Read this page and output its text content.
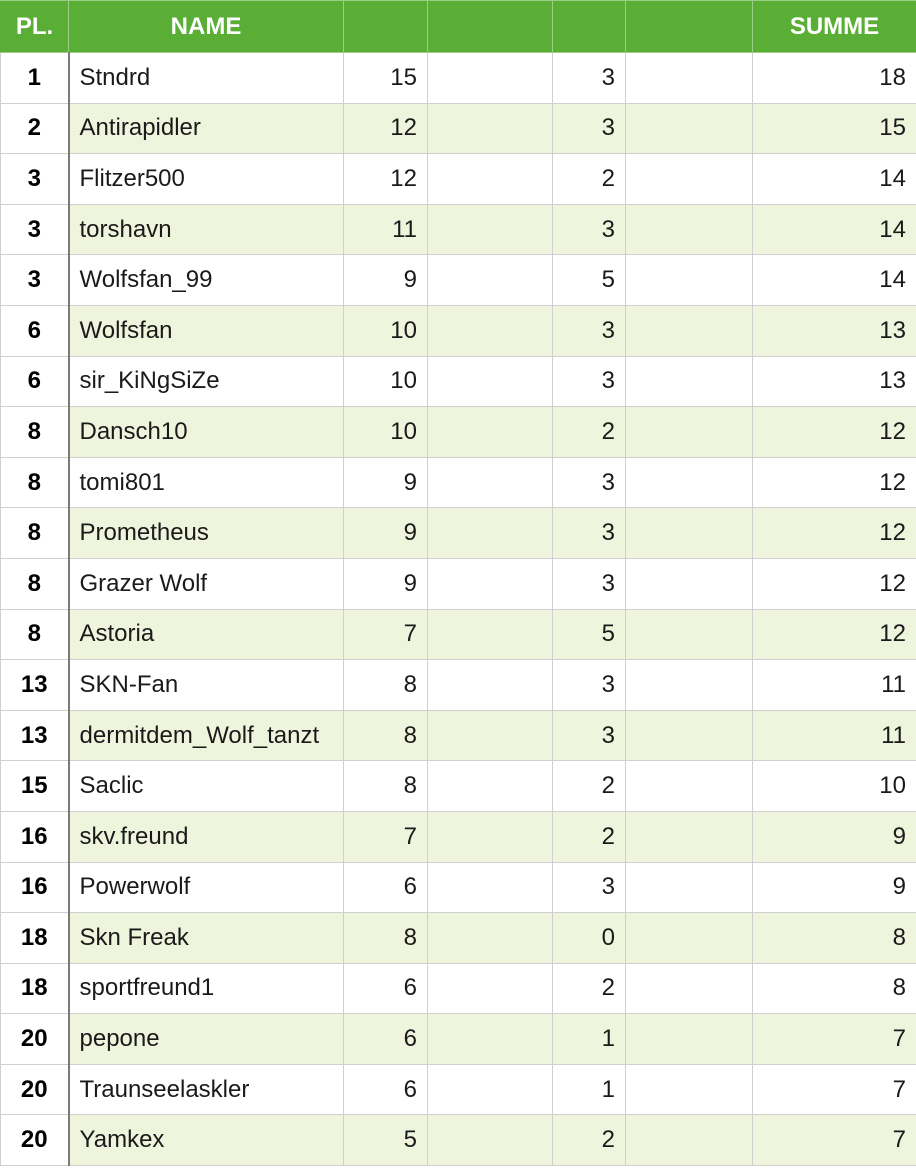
PL.	NAME					SUMME
1	Stndrd	15		3		18
2	Antirapidler	12		3		15
3	Flitzer500	12		2		14
3	torshavn	11		3		14
3	Wolfsfan_99	9		5		14
6	Wolfsfan	10		3		13
6	sir_KiNgSiZe	10		3		13
8	Dansch10	10		2		12
8	tomi801	9		3		12
8	Prometheus	9		3		12
8	Grazer Wolf	9		3		12
8	Astoria	7		5		12
13	SKN-Fan	8		3		11
13	dermitdem_Wolf_tanzt	8		3		11
15	Saclic	8		2		10
16	skv.freund	7		2		9
16	Powerwolf	6		3		9
18	Skn Freak	8		0		8
18	sportfreund1	6		2		8
20	pepone	6		1		7
20	Traunseelaskler	6		1		7
20	Yamkex	5		2		7
